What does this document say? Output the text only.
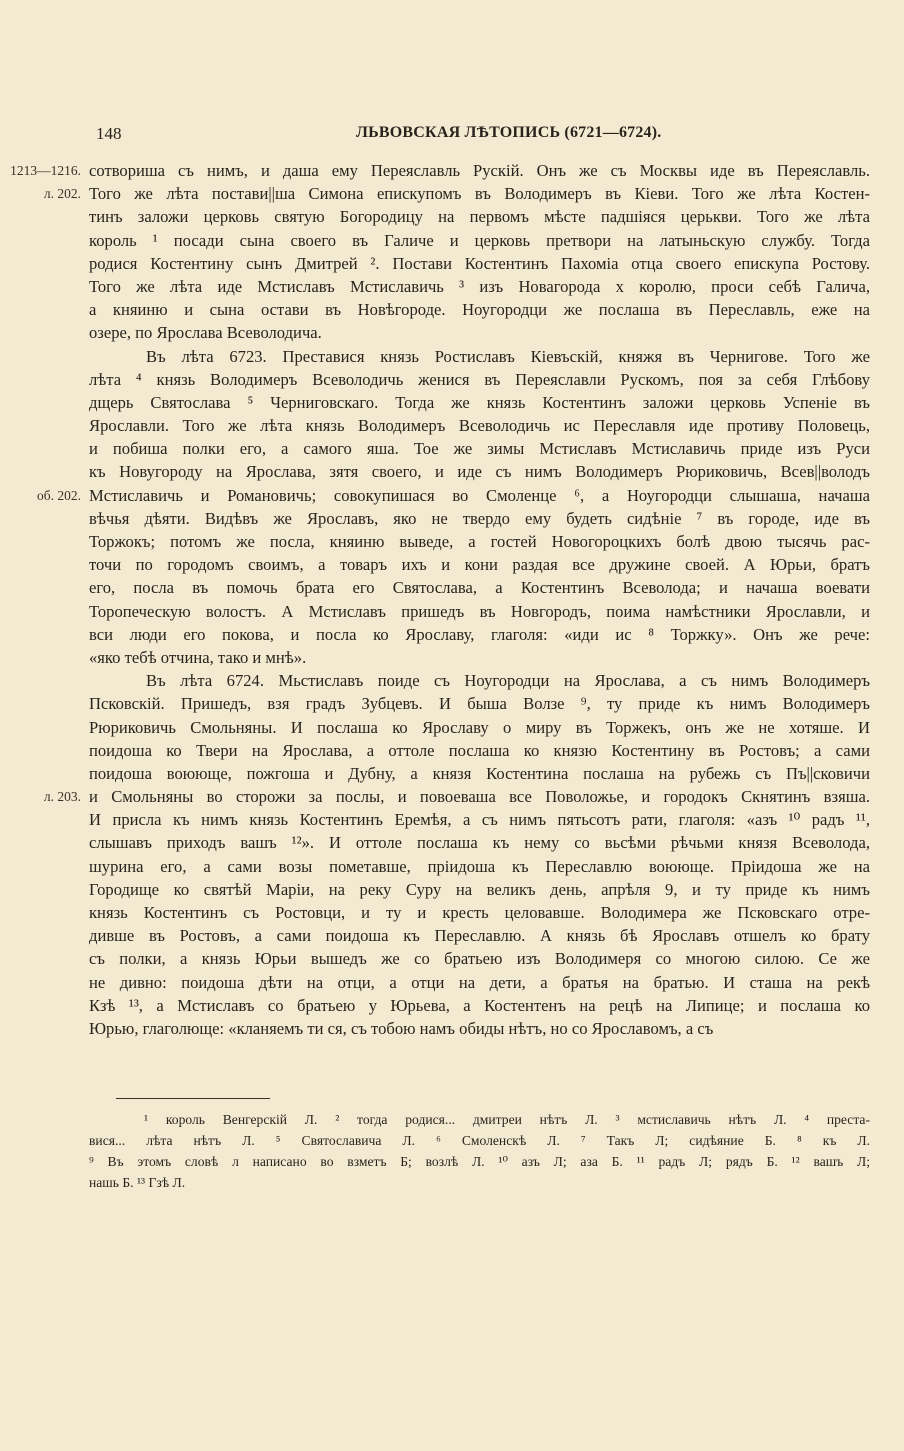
148	ЛЬВОВСКАЯ ЛѢТОПИСЬ (6721—6724).
1213—1216.
л. 202.
об. 202.
л. 203.
сотвориша съ нимъ, и даша ему Переяславль Рускій. Онъ же съ Москвы иде въ Переяславль.
Того же лѣта постави||ша Симона епискупомъ въ Володимеръ въ Кіеви. Того же лѣта Костен-
тинъ заложи церковь святую Богородицу на первомъ мѣсте падшіяся церькви. Того же лѣта
король ¹ посади сына своего въ Галиче и церковь претвори на латыньскую службу. Тогда
родися Костентину сынъ Дмитрей ². Постави Костентинъ Пахоміа отца своего епискупа Ростову.
Того же лѣта иде Мстиславъ Мстиславичь ³ изъ Новагорода х королю, проси себѣ Галича,
а княиню и сына остави въ Новѣгороде. Ноугородци же послаша въ Переславль, еже на
озере, по Ярослава Всеволодича.
Въ лѣта 6723. Преставися князь Ростиславъ Кіевъскій, княжя въ Чернигове. Того же
лѣта ⁴ князь Володимеръ Всеволодичь женися въ Переяславли Рускомъ, поя за себя Глѣбову
дщерь Святослава ⁵ Черниговскаго. Тогда же князь Костентинъ заложи церковь Успеніе въ
Ярославли. Того же лѣта князь Володимеръ Всеволодичь ис Переславля иде противу Половець,
и побиша полки его, а самого яша. Тое же зимы Мстиславъ Мстиславичь приде изъ Руси
къ Новугороду на Ярослава, зятя своего, и иде съ нимъ Володимеръ Рюриковичь, Всев||володъ
Мстиславичь и Романовичь; совокупишася во Смоленце ⁶, а Ноугородци слышаша, начаша
вѣчья дѣяти. Видѣвъ же Ярославъ, яко не твердо ему будеть сидѣніе ⁷ въ городе, иде въ
Торжокъ; потомъ же посла, княиню выведе, а гостей Новогороцкихъ болѣ двою тысячь рас-
точи по городомъ своимъ, а товаръ ихъ и кони раздая все дружине своей. А Юрьи, братъ
его, посла въ помочь брата его Святослава, а Костентинъ Всеволода; и начаша воевати
Торопеческую волостъ. А Мстиславъ пришедъ въ Новгородъ, поима намѣстники Ярославли, и
вси люди его покова, и посла ко Ярославу, глаголя: «иди ис ⁸ Торжку». Онъ же рече:
«яко тебѣ отчина, тако и мнѣ».
Въ лѣта 6724. Мьстиславъ поиде съ Ноугородци на Ярослава, а съ нимъ Володимеръ
Псковскій. Пришедъ, взя градъ Зубцевъ. И быша Волзе ⁹, ту приде къ нимъ Володимеръ
Рюриковичь Смольняны. И послаша ко Ярославу о миру въ Торжекъ, онъ же не хотяше. И
поидоша ко Твери на Ярослава, а оттоле послаша ко князю Костентину въ Ростовъ; а сами
поидоша воююще, пожгоша и Дубну, а князя Костентина послаша на рубежь съ Пъ||сковичи
и Смольняны во сторожи за послы, и повоеваша все Поволожье, и городокъ Скнятинъ взяша.
И присла къ нимъ князь Костентинъ Еремѣя, а съ нимъ пятьсотъ рати, глаголя: «азъ ¹⁰ радъ ¹¹,
слышавъ приходъ вашъ ¹²». И оттоле послаша къ нему со вьсѣми рѣчьми князя Всеволода,
шурина его, а сами возы пометавше, пріидоша къ Переславлю воююще. Пріидоша же на
Городище ко святѣй Маріи, на реку Суру на великъ день, апрѣля 9, и ту приде къ нимъ
князь Костентинъ съ Ростовци, и ту и кресть целовавше. Володимера же Псковскаго отре-
дивше въ Ростовъ, а сами поидоша къ Переславлю. А князь бѣ Ярославъ отшелъ ко брату
съ полки, а князь Юрьи вышедъ же со братьею изъ Володимеря со многою силою. Се же
не дивно: поидоша дѣти на отци, а отци на дети, а братья на братью. И сташа на рекѣ
Кзѣ ¹³, а Мстиславъ со братьею у Юрьева, а Костентенъ на рецѣ на Липице; и послаша ко
Юрью, глаголюще: «кланяемъ ти ся, съ тобою намъ обиды нѣтъ, но со Ярославомъ, а съ
¹ король Венгерскій Л. ² тогда родися... дмитреи нѣтъ Л. ³ мстиславичь нѣтъ Л. ⁴ преста-
вися... лѣта нѣтъ Л. ⁵ Святославича Л. ⁶ Смоленскѣ Л. ⁷ Такъ Л; сидѣяние Б. ⁸ къ Л.
⁹ Въ этомъ словѣ л написано во взметъ Б; возлѣ Л. ¹⁰ азъ Л; аза Б. ¹¹ радъ Л; рядъ Б. ¹² вашъ Л;
нашь Б. ¹³ Гзѣ Л.
